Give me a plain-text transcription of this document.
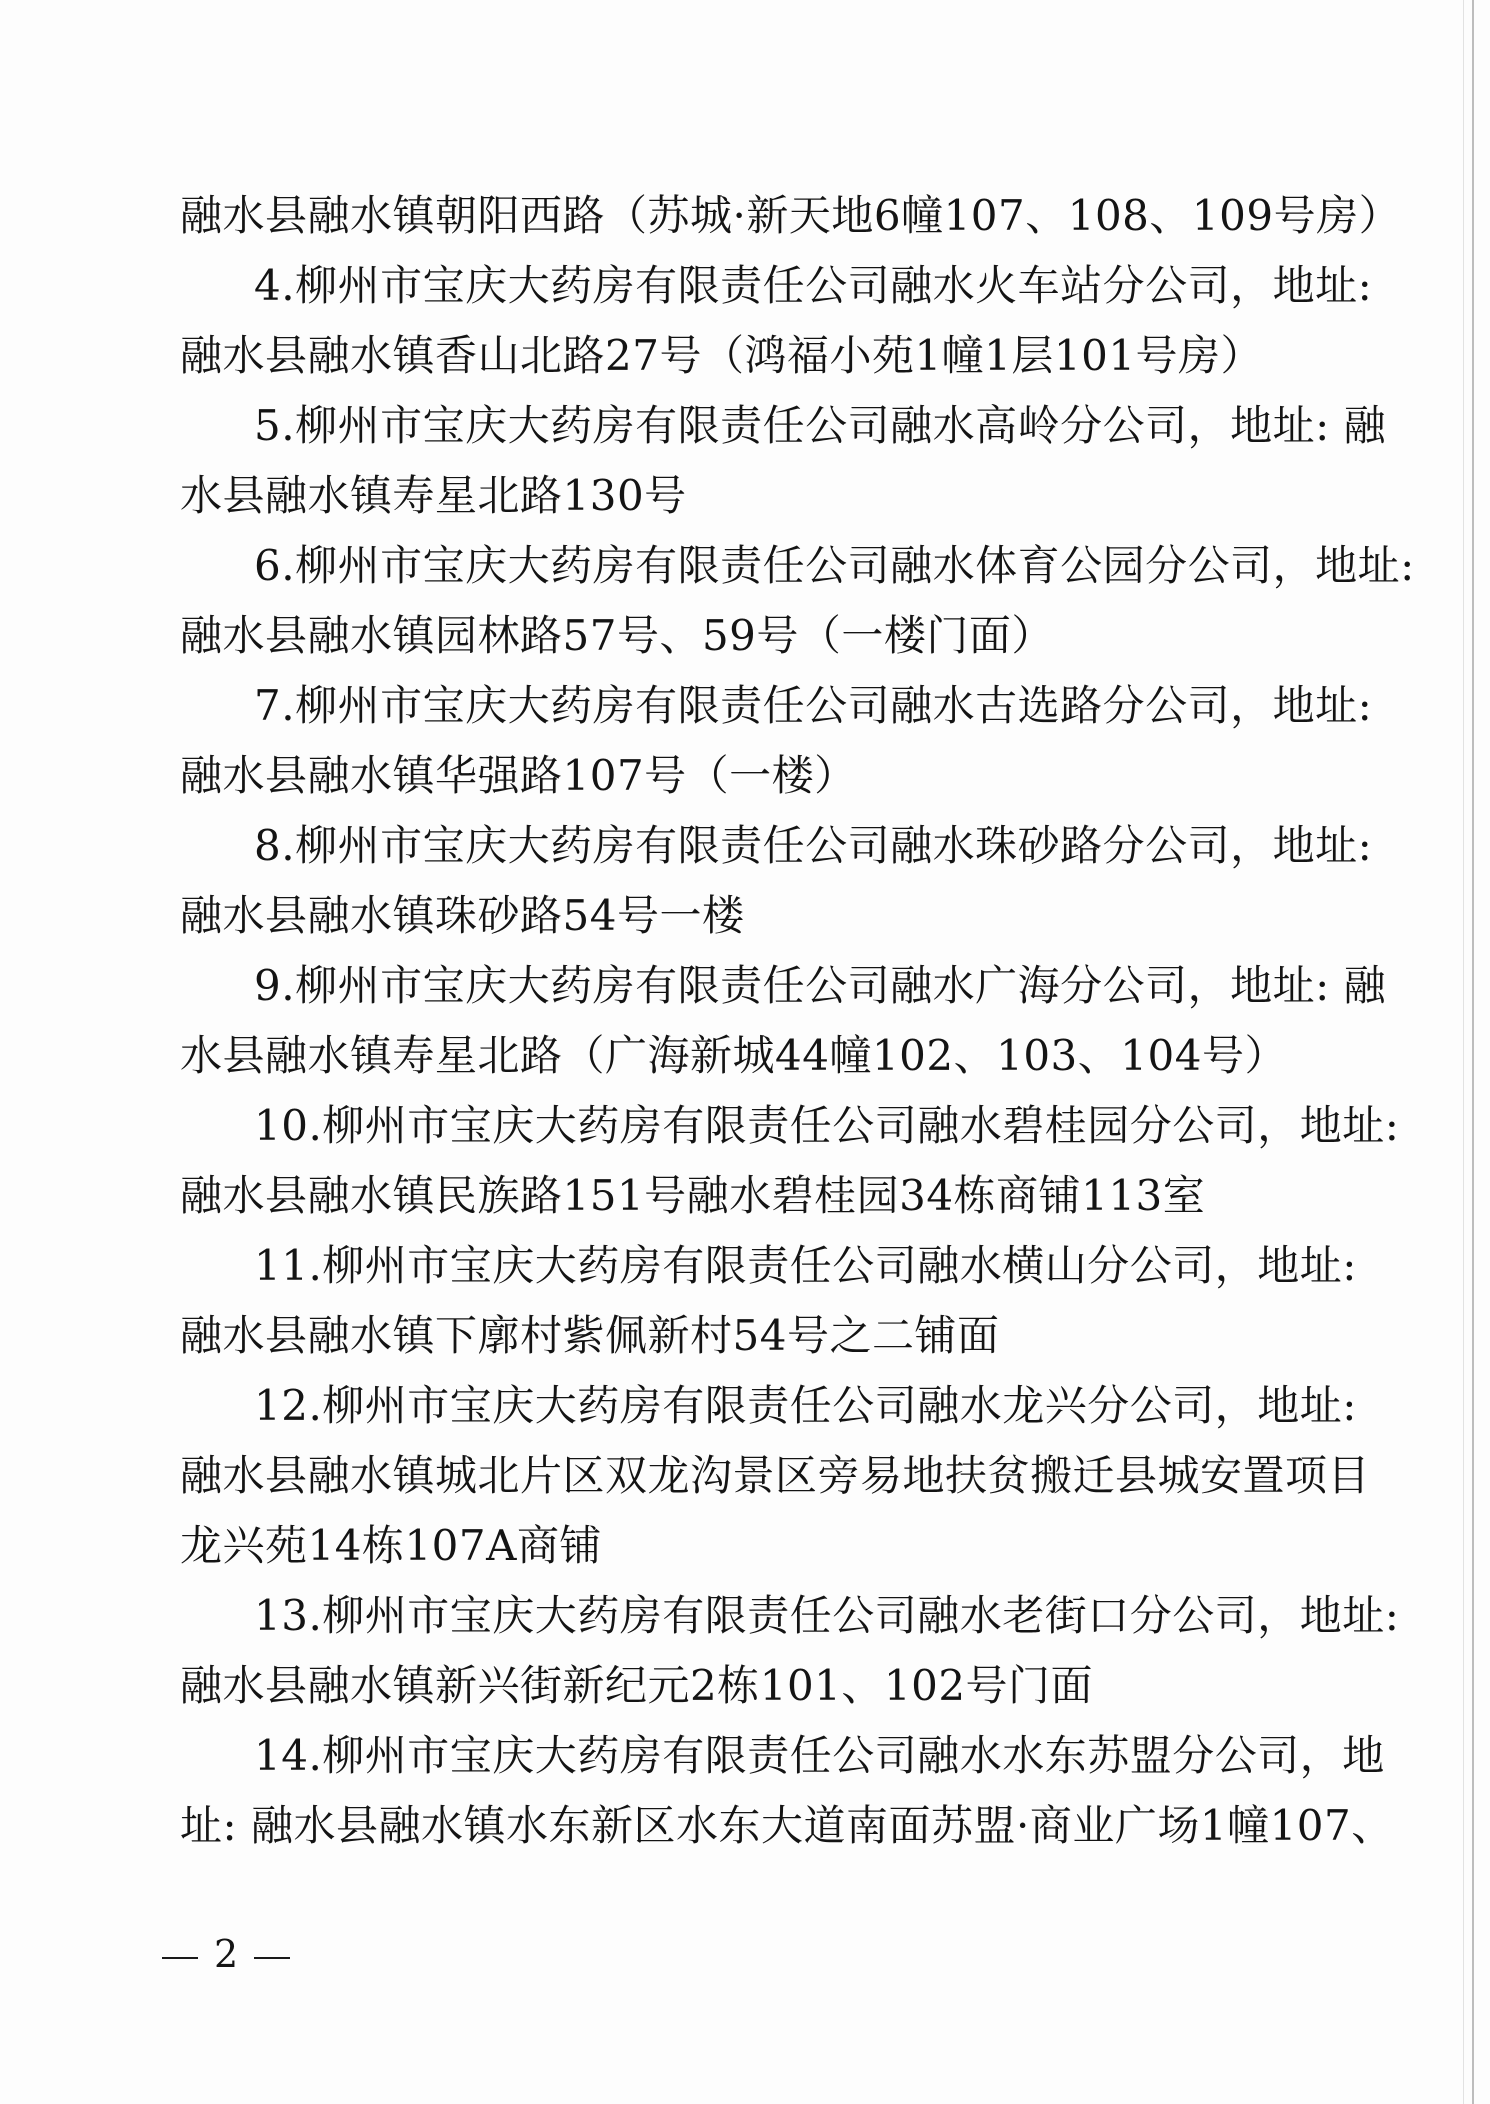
融水县融水镇朝阳西路（苏城·新天地6幢107、108、109号房）
4.柳州市宝庆大药房有限责任公司融水火车站分公司，地址:
融水县融水镇香山北路27号（鸿福小苑1幢1层101号房）
5.柳州市宝庆大药房有限责任公司融水高岭分公司，地址: 融
水县融水镇寿星北路130号
6.柳州市宝庆大药房有限责任公司融水体育公园分公司，地址:
融水县融水镇园林路57号、59号（一楼门面）
7.柳州市宝庆大药房有限责任公司融水古选路分公司，地址:
融水县融水镇华强路107号（一楼）
8.柳州市宝庆大药房有限责任公司融水珠砂路分公司，地址:
融水县融水镇珠砂路54号一楼
9.柳州市宝庆大药房有限责任公司融水广海分公司，地址: 融
水县融水镇寿星北路（广海新城44幢102、103、104号）
10.柳州市宝庆大药房有限责任公司融水碧桂园分公司，地址:
融水县融水镇民族路151号融水碧桂园34栋商铺113室
11.柳州市宝庆大药房有限责任公司融水横山分公司，地址:
融水县融水镇下廓村紫佩新村54号之二铺面
12.柳州市宝庆大药房有限责任公司融水龙兴分公司，地址:
融水县融水镇城北片区双龙沟景区旁易地扶贫搬迁县城安置项目
龙兴苑14栋107A商铺
13.柳州市宝庆大药房有限责任公司融水老街口分公司，地址:
融水县融水镇新兴街新纪元2栋101、102号门面
14.柳州市宝庆大药房有限责任公司融水水东苏盟分公司，地
址: 融水县融水镇水东新区水东大道南面苏盟·商业广场1幢107、
2
